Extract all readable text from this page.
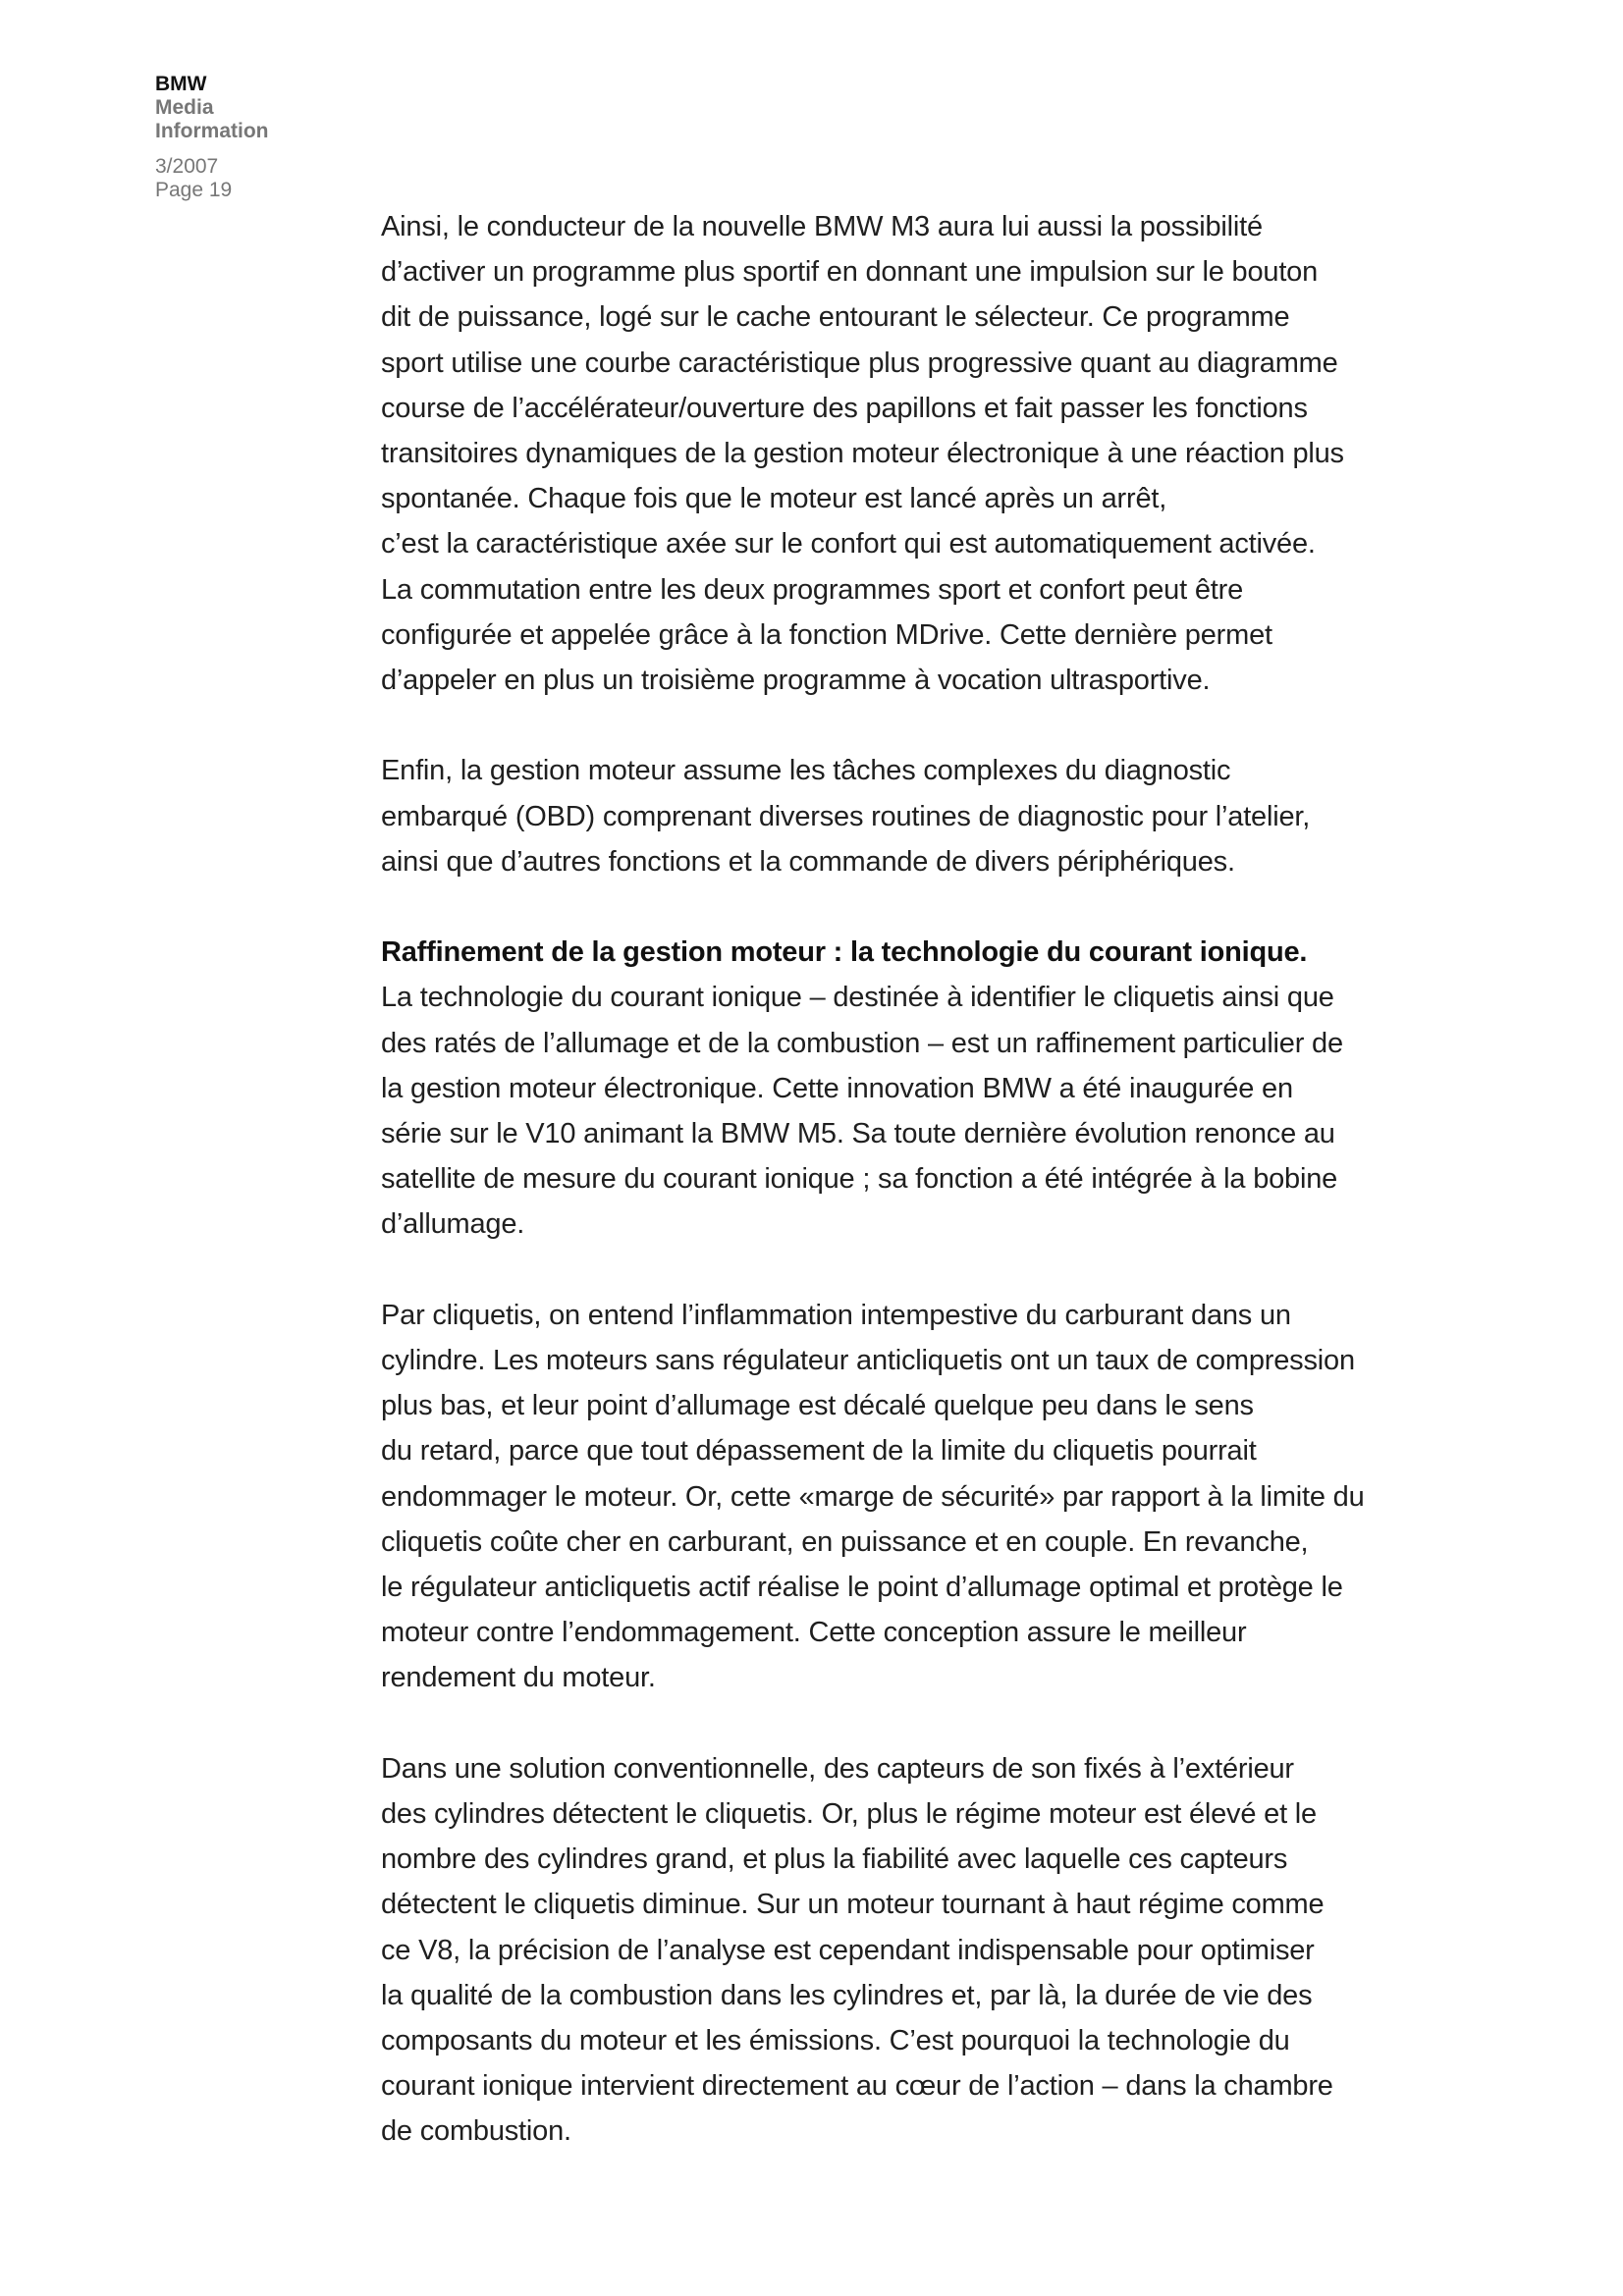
BMW
Media
Information
3/2007
Page 19
Ainsi, le conducteur de la nouvelle BMW M3 aura lui aussi la possibilité
d’activer un programme plus sportif en donnant une impulsion sur le bouton
dit de puissance, logé sur le cache entourant le sélecteur. Ce programme
sport utilise une courbe caractéristique plus progressive quant au diagramme
course de l’accélérateur/ouverture des papillons et fait passer les fonctions
transitoires dynamiques de la gestion moteur électronique à une réaction plus
spontanée. Chaque fois que le moteur est lancé après un arrêt,
c’est la caractéristique axée sur le confort qui est automatiquement activée.
La commutation entre les deux programmes sport et confort peut être
configurée et appelée grâce à la fonction MDrive. Cette dernière permet
d’appeler en plus un troisième programme à vocation ultrasportive.
Enfin, la gestion moteur assume les tâches complexes du diagnostic
embarqué (OBD) comprenant diverses routines de diagnostic pour l’atelier,
ainsi que d’autres fonctions et la commande de divers périphériques.
Raffinement de la gestion moteur : la technologie du courant ionique.
La technologie du courant ionique – destinée à identifier le cliquetis ainsi que
des ratés de l’allumage et de la combustion – est un raffinement particulier de
la gestion moteur électronique. Cette innovation BMW a été inaugurée en
série sur le V10 animant la BMW M5. Sa toute dernière évolution renonce au
satellite de mesure du courant ionique ; sa fonction a été intégrée à la bobine
d’allumage.
Par cliquetis, on entend l’inflammation intempestive du carburant dans un
cylindre. Les moteurs sans régulateur anticliquetis ont un taux de compression
plus bas, et leur point d’allumage est décalé quelque peu dans le sens
du retard, parce que tout dépassement de la limite du cliquetis pourrait
endommager le moteur. Or, cette «marge de sécurité» par rapport à la limite du
cliquetis coûte cher en carburant, en puissance et en couple. En revanche,
le régulateur anticliquetis actif réalise le point d’allumage optimal et protège le
moteur contre l’endommagement. Cette conception assure le meilleur
rendement du moteur.
Dans une solution conventionnelle, des capteurs de son fixés à l’extérieur
des cylindres détectent le cliquetis. Or, plus le régime moteur est élevé et le
nombre des cylindres grand, et plus la fiabilité avec laquelle ces capteurs
détectent le cliquetis diminue. Sur un moteur tournant à haut régime comme
ce V8, la précision de l’analyse est cependant indispensable pour optimiser
la qualité de la combustion dans les cylindres et, par là, la durée de vie des
composants du moteur et les émissions. C’est pourquoi la technologie du
courant ionique intervient directement au cœur de l’action – dans la chambre
de combustion.
